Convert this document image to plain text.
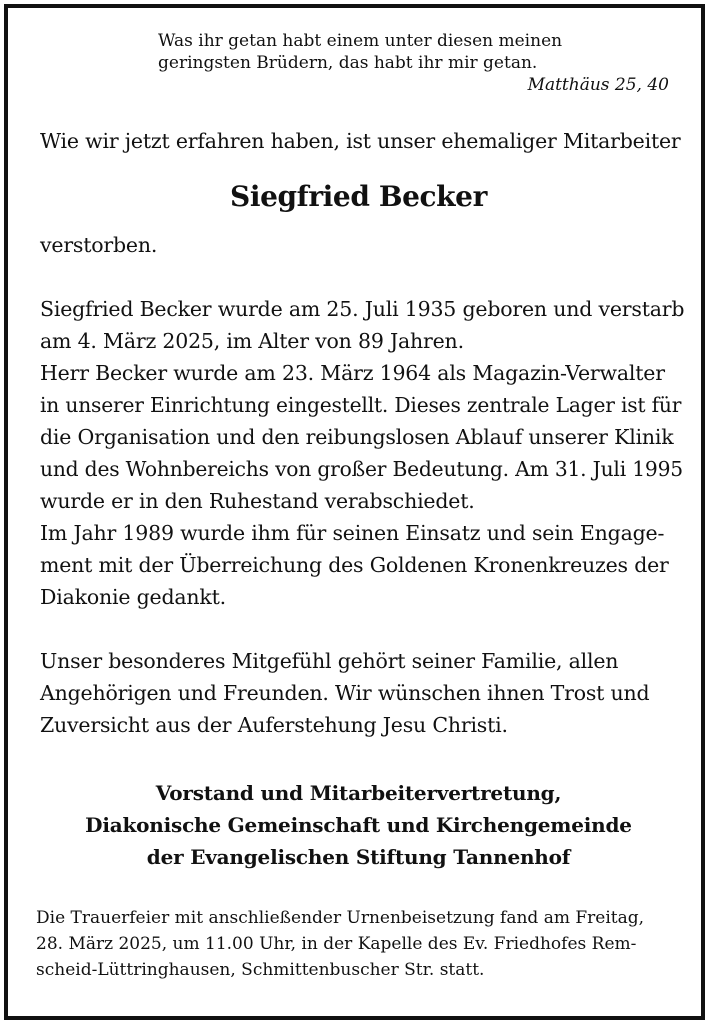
Was ihr getan habt einem unter diesen meinen

geringsten Brüdern, das habt ihr mir getan.

Matthäus 25, 40

Wie wir jetzt erfahren haben, ist unser ehemaliger Mitarbeiter

Siegfried Becker

verstorben.

Siegfried Becker wurde am 25. Juli 1935 geboren und verstarb

am 4. März 2025, im Alter von 89 Jahren.

Herr Becker wurde am 23. März 1964 als Magazin-Verwalter

in unserer Einrichtung eingestellt. Dieses zentrale Lager ist für

die Organisation und den reibungslosen Ablauf unserer Klinik

und des Wohnbereichs von großer Bedeutung. Am 31. Juli 1995

wurde er in den Ruhestand verabschiedet.

Im Jahr 1989 wurde ihm für seinen Einsatz und sein Engage-

ment mit der Überreichung des Goldenen Kronenkreuzes der

Diakonie gedankt.

Unser besonderes Mitgefühl gehört seiner Familie, allen

Angehörigen und Freunden. Wir wünschen ihnen Trost und

Zuversicht aus der Auferstehung Jesu Christi.

Vorstand und Mitarbeitervertretung,

Diakonische Gemeinschaft und Kirchengemeinde

der Evangelischen Stiftung Tannenhof

Die Trauerfeier mit anschließender Urnenbeisetzung fand am Freitag,

28. März 2025, um 11.00 Uhr, in der Kapelle des Ev. Friedhofes Rem-

scheid-Lüttringhausen, Schmittenbuscher Str. statt.
